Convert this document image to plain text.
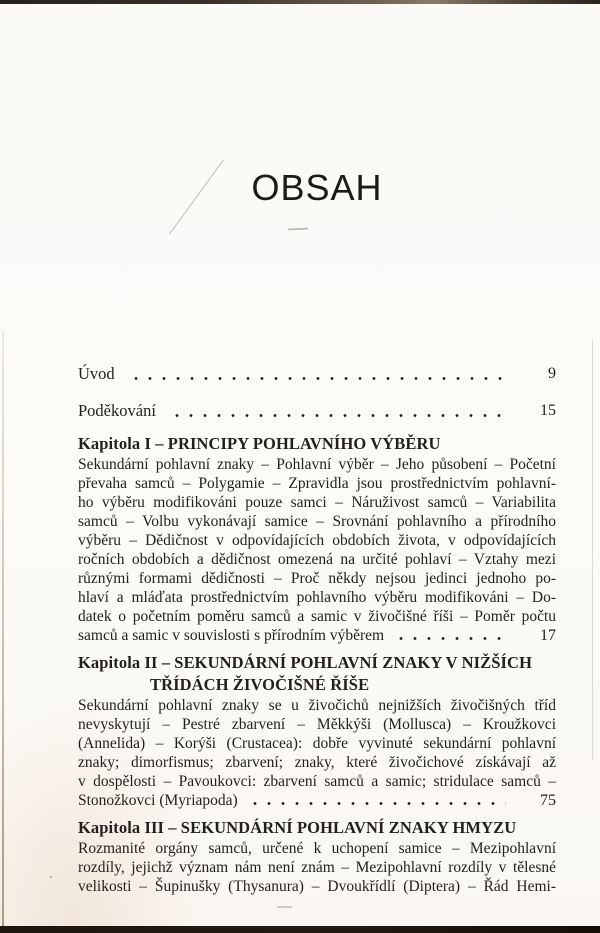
OBSAH
Úvod	9
Poděkování	15
Kapitola I – PRINCIPY POHLAVNÍHO VÝBĚRU
Sekundární pohlavní znaky – Pohlavní výběr – Jeho působení – Početní
převaha samců – Polygamie – Zpravidla jsou prostřednictvím pohlavní-
ho výběru modifikováni pouze samci – Náruživost samců – Variabilita
samců – Volbu vykonávají samice – Srovnání pohlavního a přírodního
výběru – Dědičnost v odpovídajících obdobích života, v odpovídajících
ročních obdobích a dědičnost omezená na určité pohlaví – Vztahy mezi
různými formami dědičnosti – Proč někdy nejsou jedinci jednoho po-
hlaví a mláďata prostřednictvím pohlavního výběru modifikováni – Do-
datek o početním poměru samců a samic v živočišné říši – Poměr počtu
samců a samic v souvislosti s přírodním výběrem	17
Kapitola II – SEKUNDÁRNÍ POHLAVNÍ ZNAKY V NIŽŠÍCH
TŘÍDÁCH ŽIVOČIŠNÉ ŘÍŠE
Sekundární pohlavní znaky se u živočichů nejnižších živočišných tříd
nevyskytují – Pestré zbarvení – Měkkýši (Mollusca) – Kroužkovci
(Annelida) – Korýši (Crustacea): dobře vyvinuté sekundární pohlavní
znaky; dimorfismus; zbarvení; znaky, které živočichové získávají až
v dospělosti – Pavoukovci: zbarvení samců a samic; stridulace samců –
Stonožkovci (Myriapoda)	75
Kapitola III – SEKUNDÁRNÍ POHLAVNÍ ZNAKY HMYZU
Rozmanité orgány samců, určené k uchopení samice – Mezipohlavní
rozdíly, jejichž význam nám není znám – Mezipohlavní rozdíly v tělesné
velikosti – Šupinušky (Thysanura) – Dvoukřídlí (Diptera) – Řád Hemi-
